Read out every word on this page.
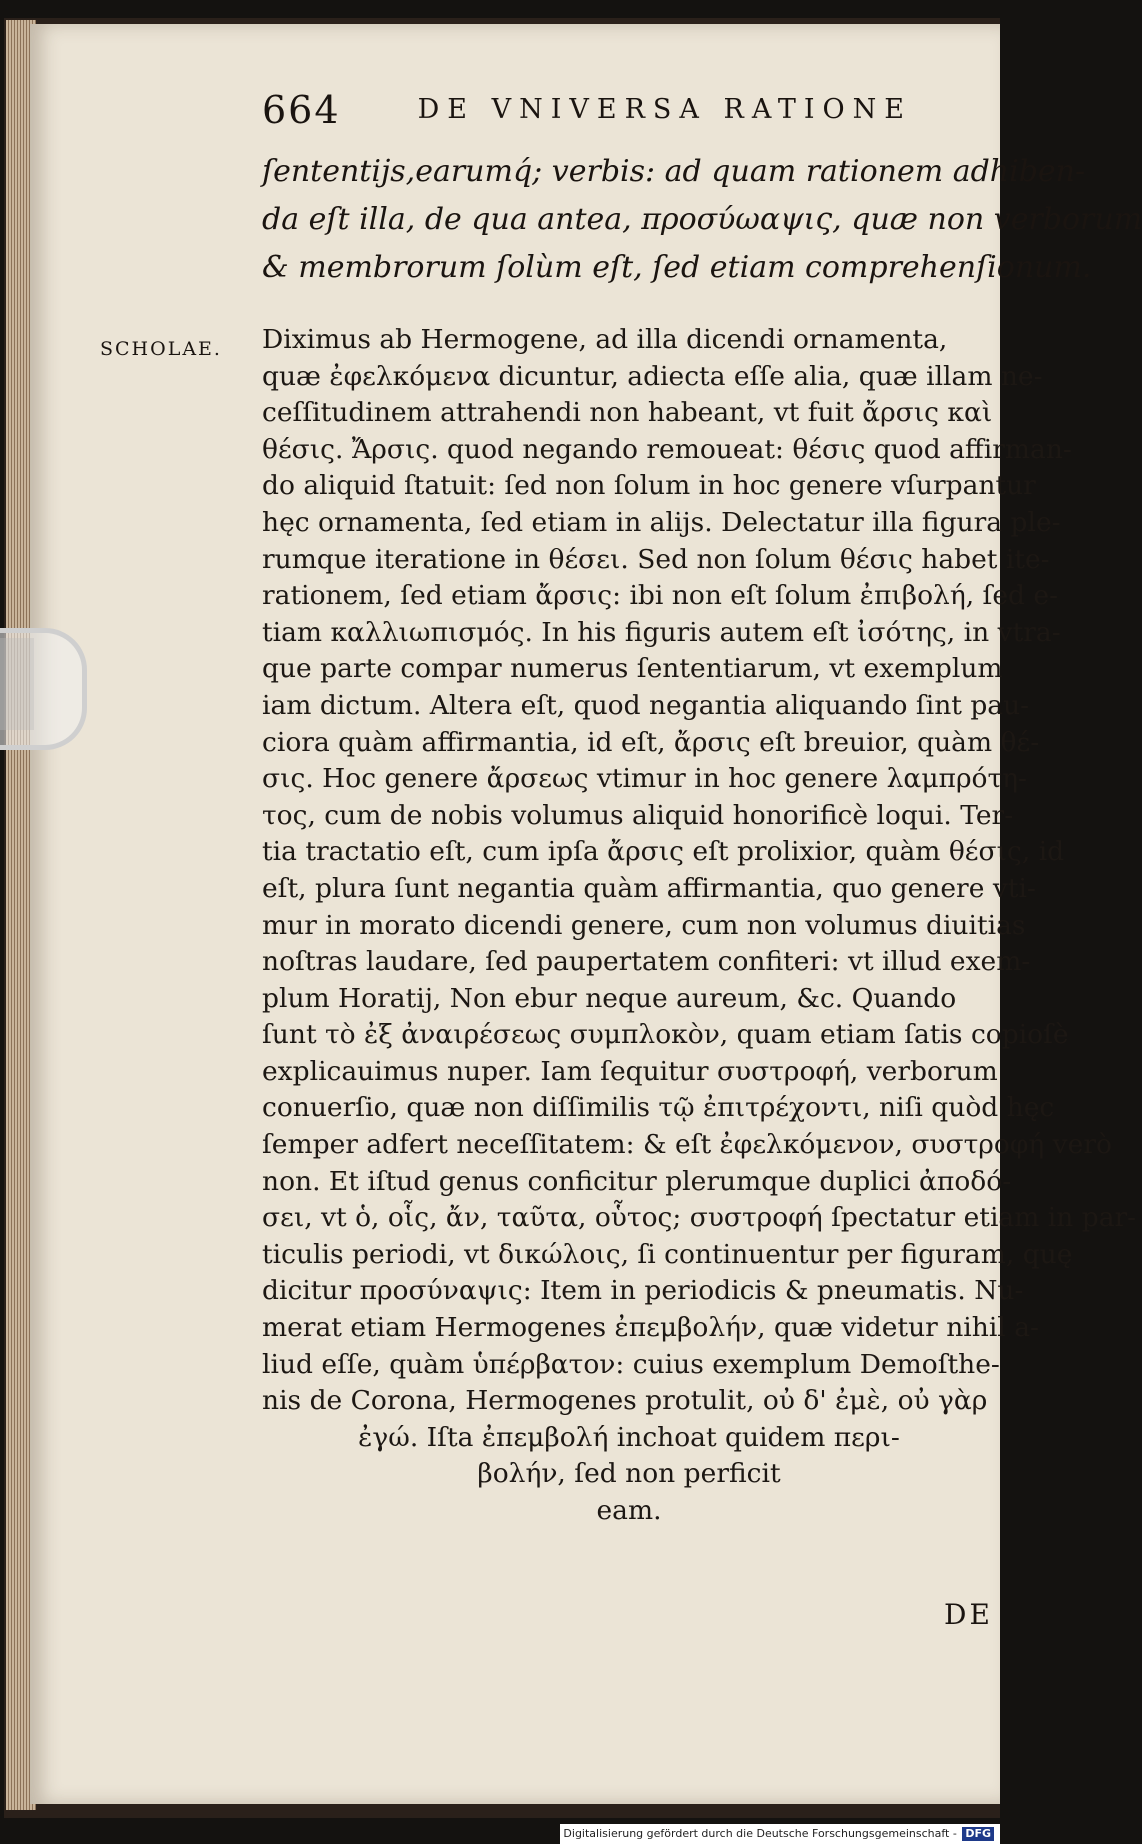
664	DE VNIVERSA RATIONE
ſententijs,earumq́; verbis: ad quam rationem adhiben-
da eſt illa, de qua antea, προσύωαψις, quæ non verborum
& membrorum ſolùm eſt, ſed etiam comprehenſionum.
SCHOLAE. Diximus ab Hermogene, ad illa dicendi ornamenta,
quæ ἐφελκόμενα dicuntur, adiecta eſſe alia, quæ illam ne-
ceſſitudinem attrahendi non habeant, vt fuit ἄρσις καὶ
θέσις. Ἄρσις. quod negando remoueat: θέσις quod affirman-
do aliquid ſtatuit: ſed non ſolum in hoc genere vſurpantur
hęc ornamenta, ſed etiam in alijs. Delectatur illa figura ple-
rumque iteratione in θέσει. Sed non ſolum θέσις habet ite-
rationem, ſed etiam ἄρσις: ibi non eſt ſolum ἐπιβολή, ſed e-
tiam καλλιωπισμός. In his figuris autem eſt ἰσότης, in vtra-
que parte compar numerus ſententiarum, vt exemplum
iam dictum. Altera eſt, quod negantia aliquando ſint pau-
ciora quàm affirmantia, id eſt, ἄρσις eſt breuior, quàm θέ-
σις. Hoc genere ἄρσεως vtimur in hoc genere λαμπρότη-
τος, cum de nobis volumus aliquid honorificè loqui. Ter-
tia tractatio eſt, cum ipſa ἄρσις eſt prolixior, quàm θέσις, id
eſt, plura ſunt negantia quàm affirmantia, quo genere vti-
mur in morato dicendi genere, cum non volumus diuitias
noſtras laudare, ſed paupertatem confiteri: vt illud exem-
plum Horatij, Non ebur neque aureum, &c. Quando
ſunt τὸ ἐξ ἀναιρέσεως συμπλοκὸν, quam etiam ſatis copioſè
explicauimus nuper. Iam ſequitur συστροφή, verborum
conuerſio, quæ non diſſimilis τῷ ἐπιτρέχοντι, niſi quòd hęc
ſemper adfert neceſſitatem: & eſt ἐφελκόμενον, συστροφή verò
non. Et iſtud genus conficitur plerumque duplici ἀποδό-
σει, vt ὁ, οἷς, ἄν, ταῦτα, οὗτος; συστροφή ſpectatur etiam in par-
ticulis periodi, vt δικώλοις, ſi continuentur per figuram, quę
dicitur προσύναψις: Item in periodicis & pneumatis. Nu-
merat etiam Hermogenes ἐπεμβολήν, quæ videtur nihil a-
liud eſſe, quàm ὑπέρβατον: cuius exemplum Demoſthe-
nis de Corona, Hermogenes protulit, οὐ δ' ἐμὲ, οὐ γὰρ
ἐγώ. Iſta ἐπεμβολή inchoat quidem περι-
βολήν, ſed non perficit
eam.
DE
Digitalisierung gefördert durch die Deutsche Forschungsgemeinschaft - DFG
